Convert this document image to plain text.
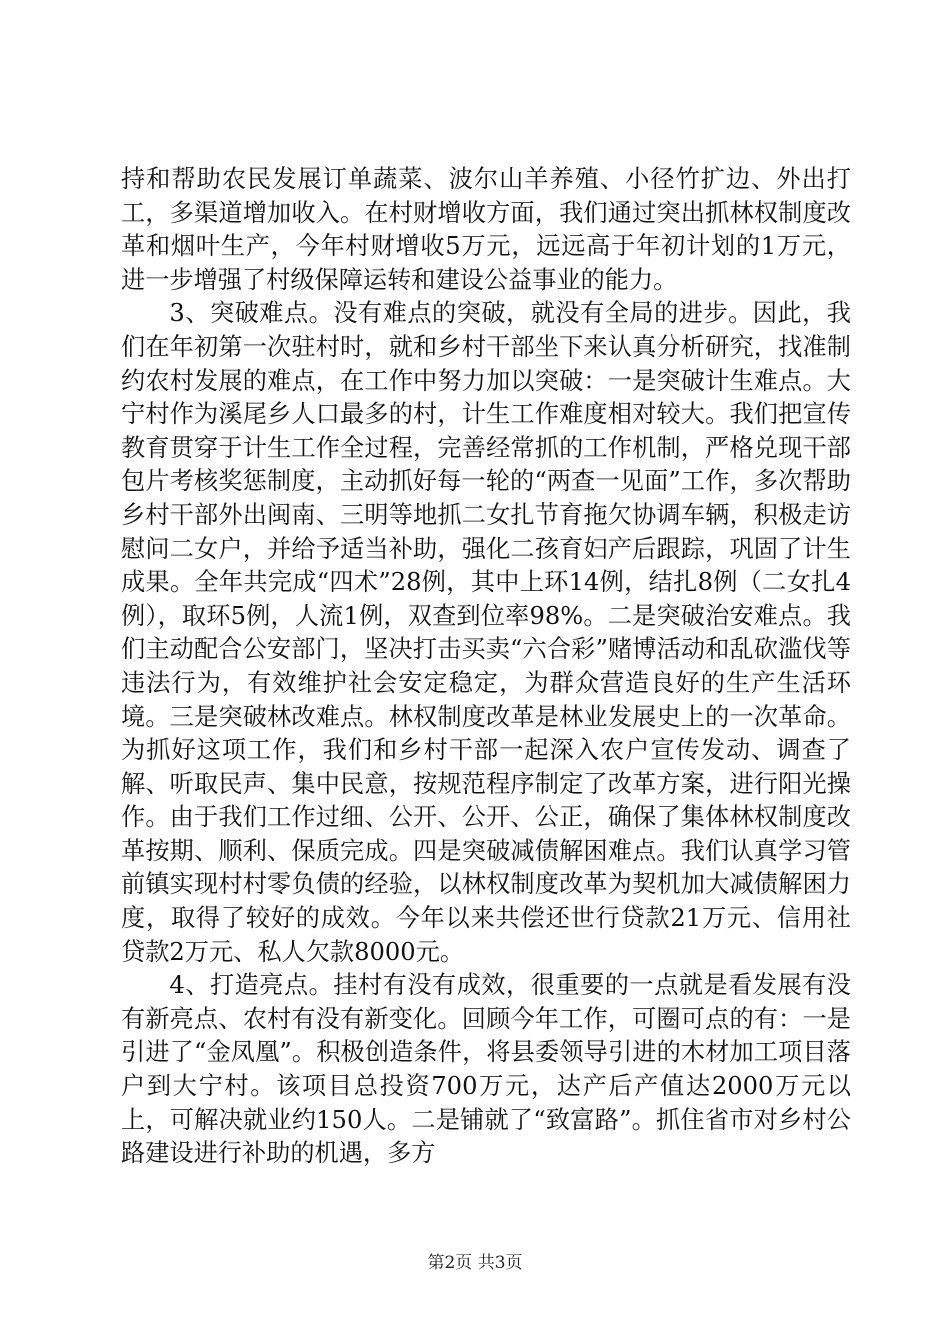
持和帮助农民发展订单蔬菜、波尔山羊养殖、小径竹扩边、外出打工，多渠道增加收入。在村财增收方面，我们通过突出抓林权制度改革和烟叶生产，今年村财增收5万元，远远高于年初计划的1万元，进一步增强了村级保障运转和建设公益事业的能力。

3、突破难点。没有难点的突破，就没有全局的进步。因此，我们在年初第一次驻村时，就和乡村干部坐下来认真分析研究，找准制约农村发展的难点，在工作中努力加以突破：一是突破计生难点。大宁村作为溪尾乡人口最多的村，计生工作难度相对较大。我们把宣传教育贯穿于计生工作全过程，完善经常抓的工作机制，严格兑现干部包片考核奖惩制度，主动抓好每一轮的“两查一见面”工作，多次帮助乡村干部外出闽南、三明等地抓二女扎节育拖欠协调车辆，积极走访慰问二女户，并给予适当补助，强化二孩育妇产后跟踪，巩固了计生成果。全年共完成“四术”28例，其中上环14例，结扎8例（二女扎4例），取环5例，人流1例，双查到位率98%。二是突破治安难点。我们主动配合公安部门，坚决打击买卖“六合彩”赌博活动和乱砍滥伐等违法行为，有效维护社会安定稳定，为群众营造良好的生产生活环境。三是突破林改难点。林权制度改革是林业发展史上的一次革命。为抓好这项工作，我们和乡村干部一起深入农户宣传发动、调查了解、听取民声、集中民意，按规范程序制定了改革方案，进行阳光操作。由于我们工作过细、公开、公开、公正，确保了集体林权制度改革按期、顺利、保质完成。四是突破减债解困难点。我们认真学习管前镇实现村村零负债的经验，以林权制度改革为契机加大减债解困力度，取得了较好的成效。今年以来共偿还世行贷款21万元、信用社贷款2万元、私人欠款8000元。

4、打造亮点。挂村有没有成效，很重要的一点就是看发展有没有新亮点、农村有没有新变化。回顾今年工作，可圈可点的有：一是引进了“金凤凰”。积极创造条件，将县委领导引进的木材加工项目落户到大宁村。该项目总投资700万元，达产后产值达2000万元以上，可解决就业约150人。二是铺就了“致富路”。抓住省市对乡村公路建设进行补助的机遇，多方

第2页 共3页
